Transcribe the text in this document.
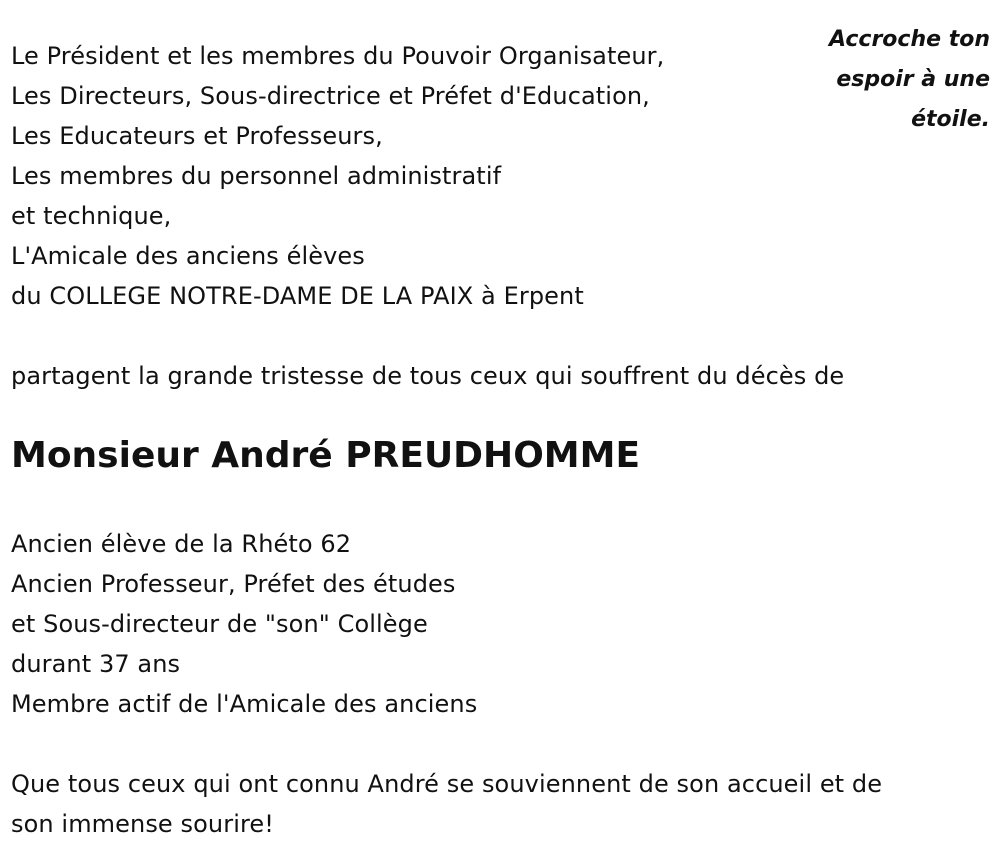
Accroche ton
espoir à une
étoile.
Le Président et les membres du Pouvoir Organisateur,
Les Directeurs, Sous-directrice et Préfet d'Education,
Les Educateurs et Professeurs,
Les membres du personnel administratif
et technique,
L'Amicale des anciens élèves
du COLLEGE NOTRE-DAME DE LA PAIX à Erpent
partagent la grande tristesse de tous ceux qui souffrent du décès de
Monsieur André PREUDHOMME
Ancien élève de la Rhéto 62
Ancien Professeur, Préfet des études
et Sous-directeur de "son" Collège
durant 37 ans
Membre actif de l'Amicale des anciens
Que tous ceux qui ont connu André se souviennent de son accueil et de
son immense sourire!
